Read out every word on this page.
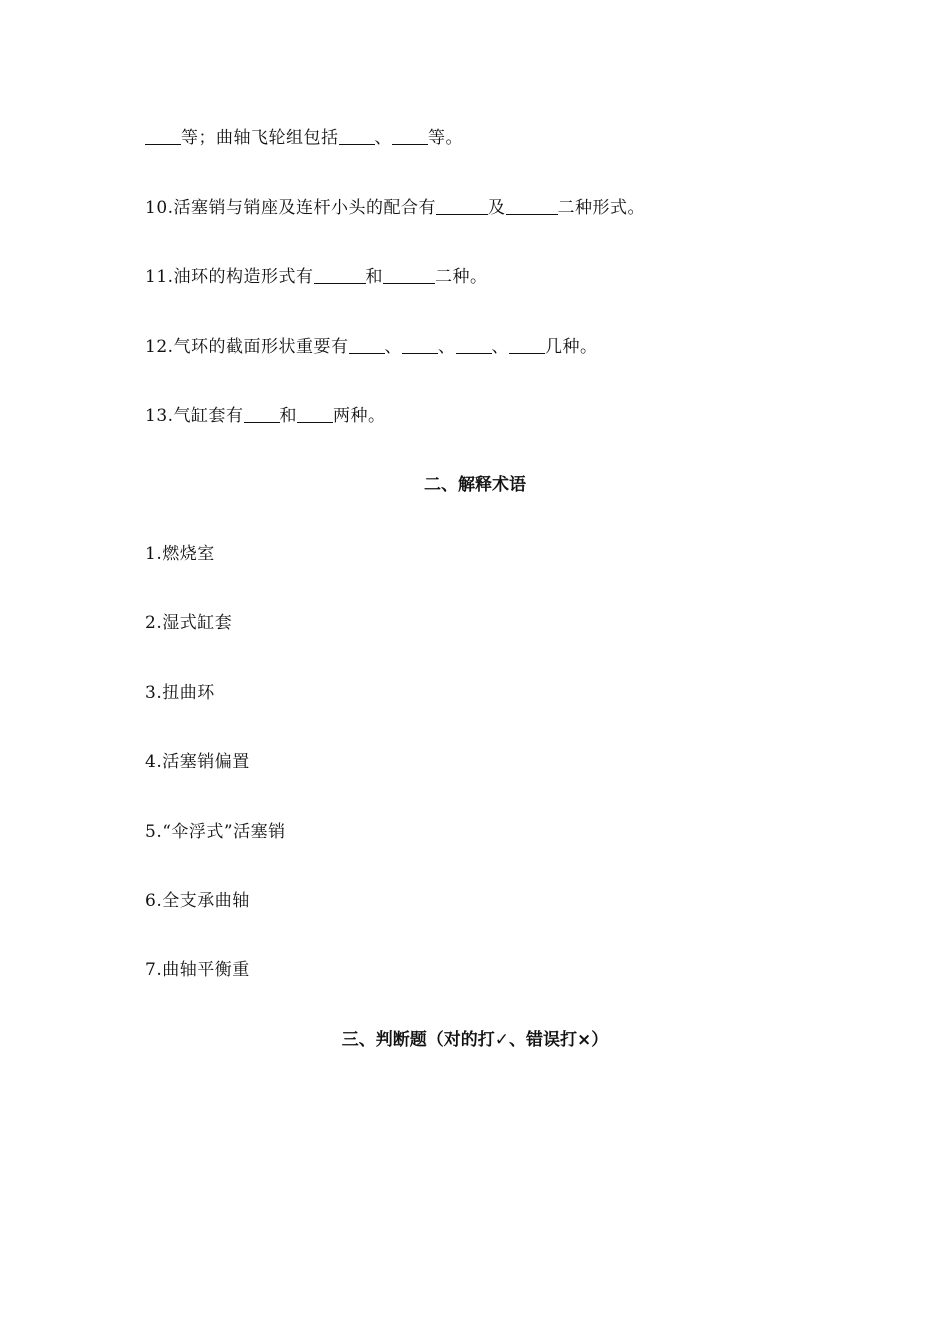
等；曲轴飞轮组包括 、 等。
10.活塞销与销座及连杆小头的配合有	及	二种形式。
11.油环的构造形式有	和	二种。
12.气环的截面形状重要有 、 、 、 几种。
13.气缸套有 和 两种。
二、解释术语
1.燃烧室
2.湿式缸套
3.扭曲环
4.活塞销偏置
5.“伞浮式”活塞销
6.全支承曲轴
7.曲轴平衡重
三、判断题（对的打✓、错误打×）
